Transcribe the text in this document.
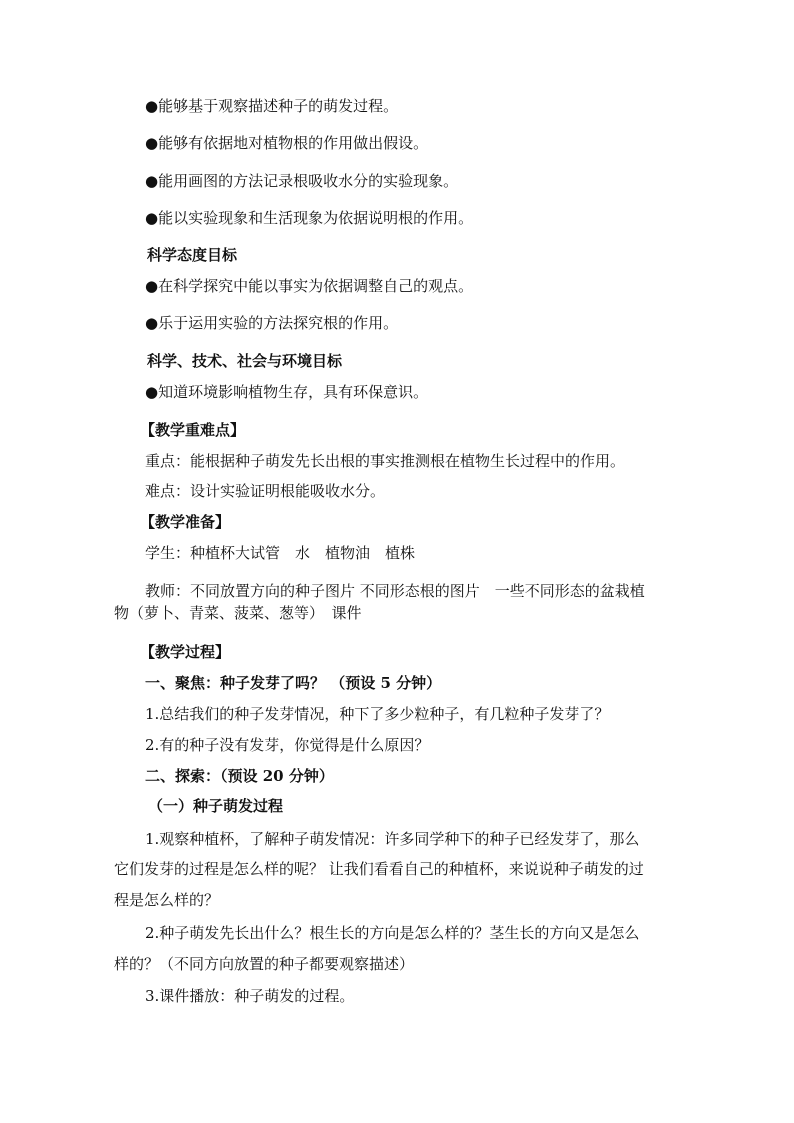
●能够基于观察描述种子的萌发过程。

●能够有依据地对植物根的作用做出假设。

●能用画图的方法记录根吸收水分的实验现象。

●能以实验现象和生活现象为依据说明根的作用。

科学态度目标

●在科学探究中能以事实为依据调整自己的观点。

●乐于运用实验的方法探究根的作用。

科学、技术、社会与环境目标

●知道环境影响植物生存，具有环保意识。

【教学重难点】

重点：能根据种子萌发先长出根的事实推测根在植物生长过程中的作用。

难点：设计实验证明根能吸收水分。

【教学准备】

学生：种植杯大试管　水　植物油　植株

教师：不同放置方向的种子图片 不同形态根的图片　一些不同形态的盆栽植

物（萝卜、青菜、菠菜、葱等）　课件

【教学过程】

一、聚焦：种子发芽了吗？ （预设 5 分钟）

1.总结我们的种子发芽情况，种下了多少粒种子，有几粒种子发芽了？

2.有的种子没有发芽，你觉得是什么原因？

二、探索：（预设 20 分钟）

（一）种子萌发过程

1.观察种植杯，了解种子萌发情况：许多同学种下的种子已经发芽了，那么

它们发芽的过程是怎么样的呢？ 让我们看看自己的种植杯，来说说种子萌发的过

程是怎么样的？

2.种子萌发先长出什么？根生长的方向是怎么样的？茎生长的方向又是怎么

样的？（不同方向放置的种子都要观察描述）

3.课件播放：种子萌发的过程。
